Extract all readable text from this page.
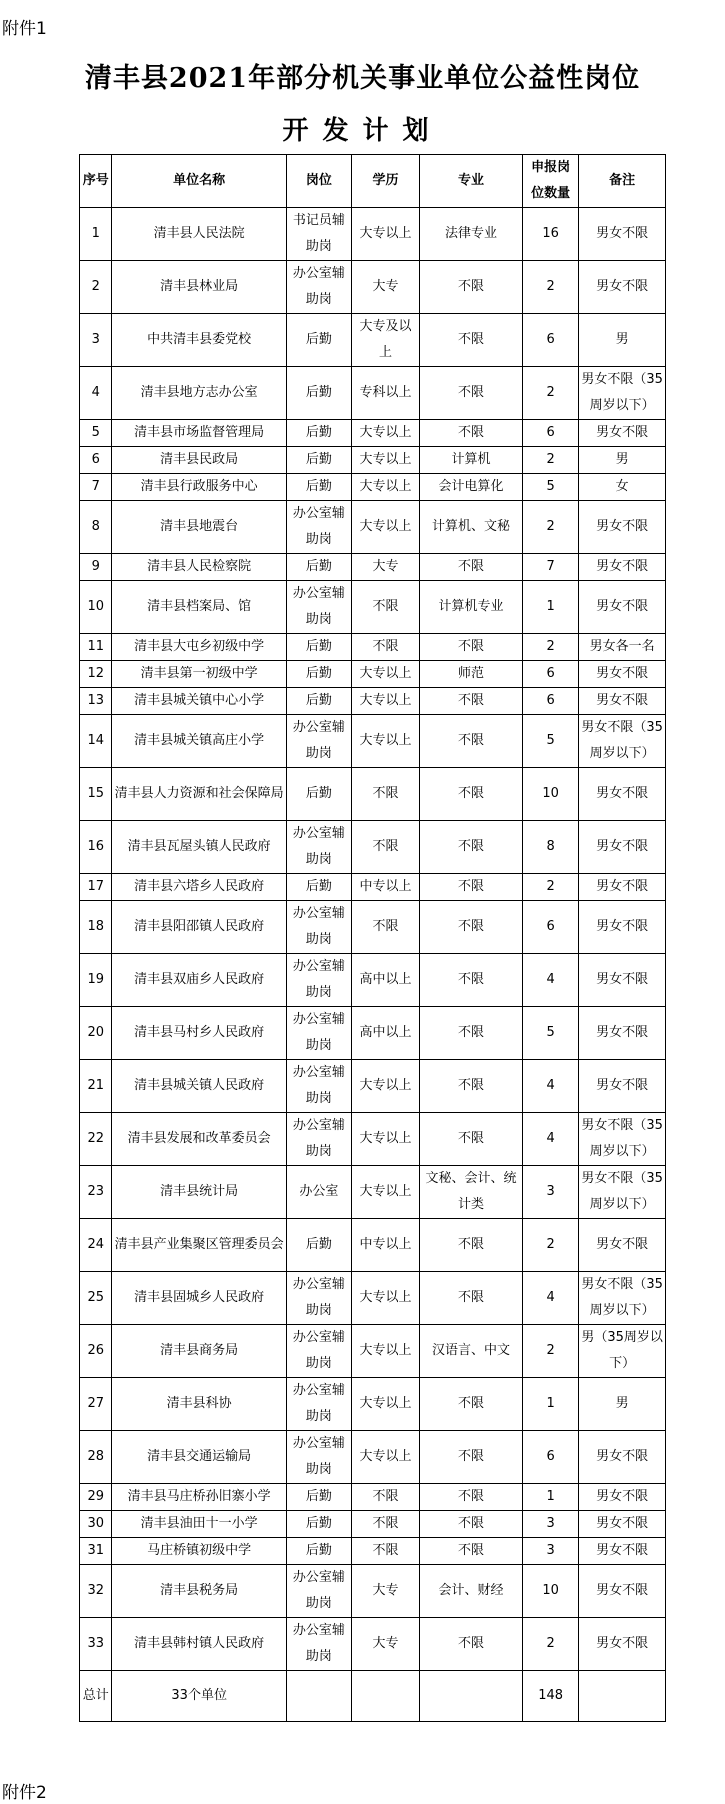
附件1
清丰县2021年部分机关事业单位公益性岗位
开发计划
序号	单位名称	岗位	学历	专业	申报岗位数量	备注
1	清丰县人民法院	书记员辅助岗	大专以上	法律专业	16	男女不限
2	清丰县林业局	办公室辅助岗	大专	不限	2	男女不限
3	中共清丰县委党校	后勤	大专及以上	不限	6	男
4	清丰县地方志办公室	后勤	专科以上	不限	2	男女不限（35周岁以下）
5	清丰县市场监督管理局	后勤	大专以上	不限	6	男女不限
6	清丰县民政局	后勤	大专以上	计算机	2	男
7	清丰县行政服务中心	后勤	大专以上	会计电算化	5	女
8	清丰县地震台	办公室辅助岗	大专以上	计算机、文秘	2	男女不限
9	清丰县人民检察院	后勤	大专	不限	7	男女不限
10	清丰县档案局、馆	办公室辅助岗	不限	计算机专业	1	男女不限
11	清丰县大屯乡初级中学	后勤	不限	不限	2	男女各一名
12	清丰县第一初级中学	后勤	大专以上	师范	6	男女不限
13	清丰县城关镇中心小学	后勤	大专以上	不限	6	男女不限
14	清丰县城关镇高庄小学	办公室辅助岗	大专以上	不限	5	男女不限（35周岁以下）
15	清丰县人力资源和社会保障局	后勤	不限	不限	10	男女不限
16	清丰县瓦屋头镇人民政府	办公室辅助岗	不限	不限	8	男女不限
17	清丰县六塔乡人民政府	后勤	中专以上	不限	2	男女不限
18	清丰县阳邵镇人民政府	办公室辅助岗	不限	不限	6	男女不限
19	清丰县双庙乡人民政府	办公室辅助岗	高中以上	不限	4	男女不限
20	清丰县马村乡人民政府	办公室辅助岗	高中以上	不限	5	男女不限
21	清丰县城关镇人民政府	办公室辅助岗	大专以上	不限	4	男女不限
22	清丰县发展和改革委员会	办公室辅助岗	大专以上	不限	4	男女不限（35周岁以下）
23	清丰县统计局	办公室	大专以上	文秘、会计、统计类	3	男女不限（35周岁以下）
24	清丰县产业集聚区管理委员会	后勤	中专以上	不限	2	男女不限
25	清丰县固城乡人民政府	办公室辅助岗	大专以上	不限	4	男女不限（35周岁以下）
26	清丰县商务局	办公室辅助岗	大专以上	汉语言、中文	2	男（35周岁以下）
27	清丰县科协	办公室辅助岗	大专以上	不限	1	男
28	清丰县交通运输局	办公室辅助岗	大专以上	不限	6	男女不限
29	清丰县马庄桥孙旧寨小学	后勤	不限	不限	1	男女不限
30	清丰县油田十一小学	后勤	不限	不限	3	男女不限
31	马庄桥镇初级中学	后勤	不限	不限	3	男女不限
32	清丰县税务局	办公室辅助岗	大专	会计、财经	10	男女不限
33	清丰县韩村镇人民政府	办公室辅助岗	大专	不限	2	男女不限
总计	33个单位				148	
附件2
